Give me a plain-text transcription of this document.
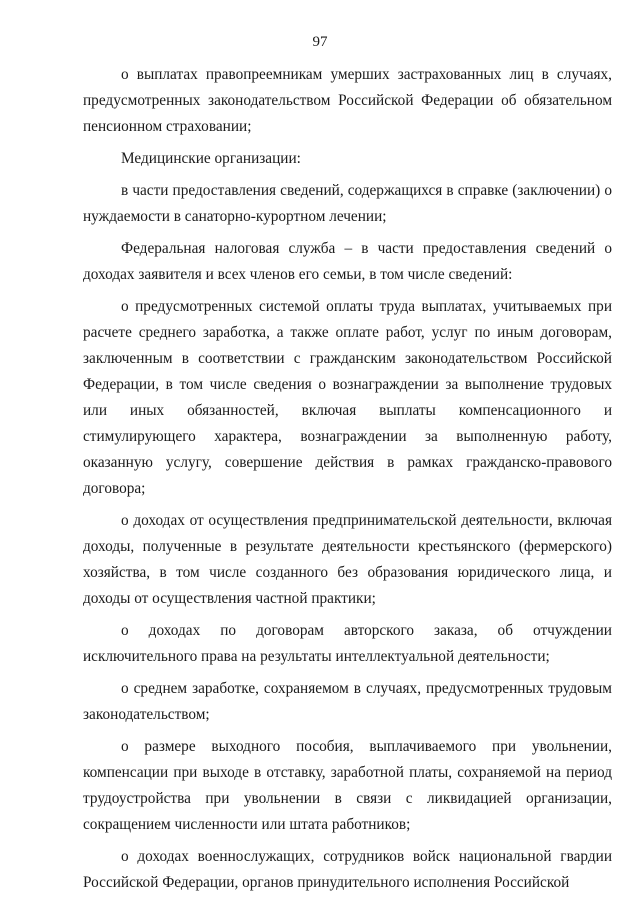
97

о выплатах правопреемникам умерших застрахованных лиц в случаях, предусмотренных законодательством Российской Федерации об обязательном пенсионном страховании;

Медицинские организации:

в части предоставления сведений, содержащихся в справке (заключении) о нуждаемости в санаторно-курортном лечении;

Федеральная налоговая служба – в части предоставления сведений о доходах заявителя и всех членов его семьи, в том числе сведений:

о предусмотренных системой оплаты труда выплатах, учитываемых при расчете среднего заработка, а также оплате работ, услуг по иным договорам, заключенным в соответствии с гражданским законодательством Российской Федерации, в том числе сведения о вознаграждении за выполнение трудовых или иных обязанностей, включая выплаты компенсационного и стимулирующего характера, вознаграждении за выполненную работу, оказанную услугу, совершение действия в рамках гражданско-правового договора;

о доходах от осуществления предпринимательской деятельности, включая доходы, полученные в результате деятельности крестьянского (фермерского) хозяйства, в том числе созданного без образования юридического лица, и доходы от осуществления частной практики;

о доходах по договорам авторского заказа, об отчуждении исключительного права на результаты интеллектуальной деятельности;

о среднем заработке, сохраняемом в случаях, предусмотренных трудовым законодательством;

о размере выходного пособия, выплачиваемого при увольнении, компенсации при выходе в отставку, заработной платы, сохраняемой на период трудоустройства при увольнении в связи с ликвидацией организации, сокращением численности или штата работников;

о доходах военнослужащих, сотрудников войск национальной гвардии Российской Федерации, органов принудительного исполнения Российской
